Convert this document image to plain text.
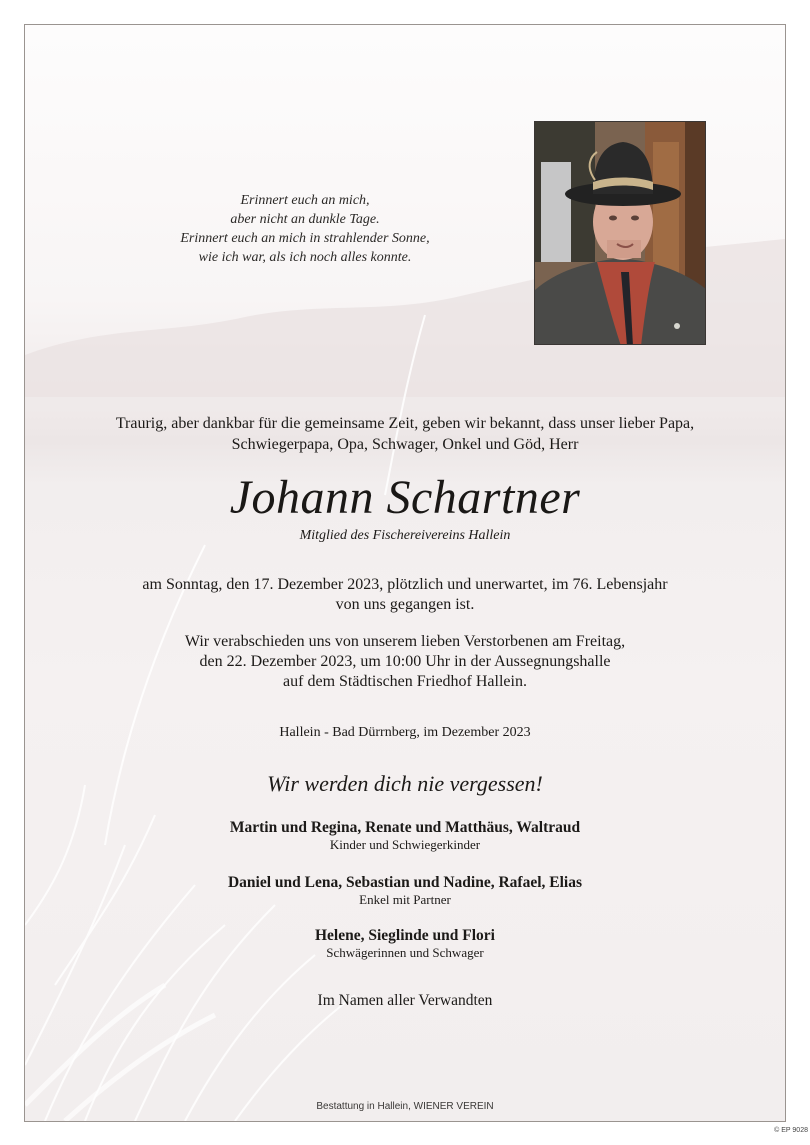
Erinnert euch an mich,
aber nicht an dunkle Tage.
Erinnert euch an mich in strahlender Sonne,
wie ich war, als ich noch alles konnte.
Traurig, aber dankbar für die gemeinsame Zeit, geben wir bekannt, dass unser lieber Papa,
Schwiegerpapa, Opa, Schwager, Onkel und Göd, Herr
Johann Schartner
Mitglied des Fischereivereins Hallein
am Sonntag, den 17. Dezember 2023, plötzlich und unerwartet, im 76. Lebensjahr
von uns gegangen ist.
Wir verabschieden uns von unserem lieben Verstorbenen am Freitag,
den 22. Dezember 2023, um 10:00 Uhr in der Aussegnungshalle
auf dem Städtischen Friedhof Hallein.
Hallein - Bad Dürrnberg, im Dezember 2023
Wir werden dich nie vergessen!
Martin und Regina, Renate und Matthäus, Waltraud
Kinder und Schwiegerkinder
Daniel und Lena, Sebastian und Nadine, Rafael, Elias
Enkel mit Partner
Helene, Sieglinde und Flori
Schwägerinnen und Schwager
Im Namen aller Verwandten
Bestattung in Hallein, WIENER VEREIN
© EP 9028
